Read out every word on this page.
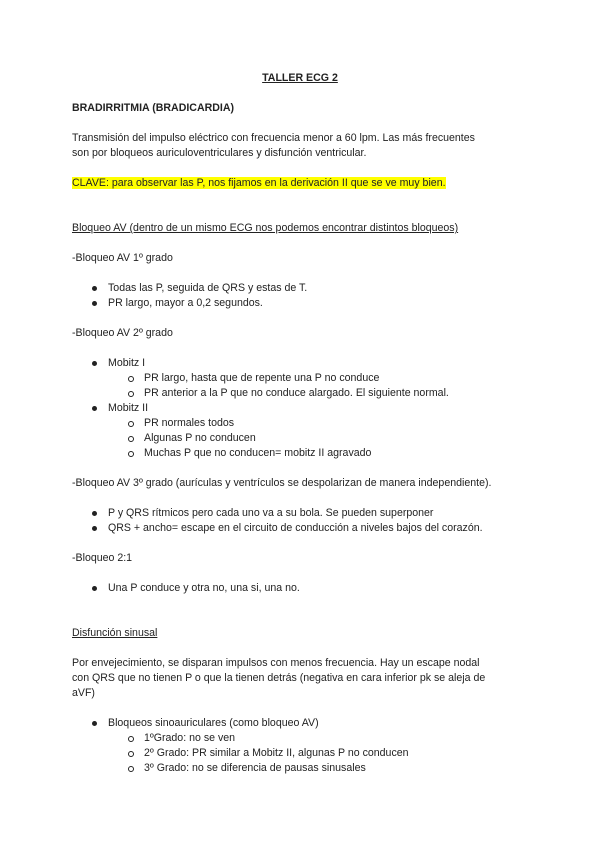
TALLER ECG 2
BRADIRRITMIA (BRADICARDIA)
Transmisión del impulso eléctrico con frecuencia menor a 60 lpm. Las más frecuentes
son por bloqueos auriculoventriculares y disfunción ventricular.
CLAVE: para observar las P, nos fijamos en la derivación II que se ve muy bien.
Bloqueo AV (dentro de un mismo ECG nos podemos encontrar distintos bloqueos)
-Bloqueo AV 1º grado
Todas las P, seguida de QRS y estas de T.
PR largo, mayor a 0,2 segundos.
-Bloqueo AV 2º grado
Mobitz I
PR largo, hasta que de repente una P no conduce
PR anterior a la P que no conduce alargado. El siguiente normal.
Mobitz II
PR normales todos
Algunas P no conducen
Muchas P que no conducen= mobitz II agravado
-Bloqueo AV 3º grado (aurículas y ventrículos se despolarizan de manera independiente).
P y QRS rítmicos pero cada uno va a su bola. Se pueden superponer
QRS + ancho= escape en el circuito de conducción a niveles bajos del corazón.
-Bloqueo 2:1
Una P conduce y otra no, una si, una no.
Disfunción sinusal
Por envejecimiento, se disparan impulsos con menos frecuencia. Hay un escape nodal
con QRS que no tienen P o que la tienen detrás (negativa en cara inferior pk se aleja de
aVF)
Bloqueos sinoauriculares (como bloqueo AV)
1ºGrado: no se ven
2º Grado: PR similar a Mobitz II, algunas P no conducen
3º Grado: no se diferencia de pausas sinusales
